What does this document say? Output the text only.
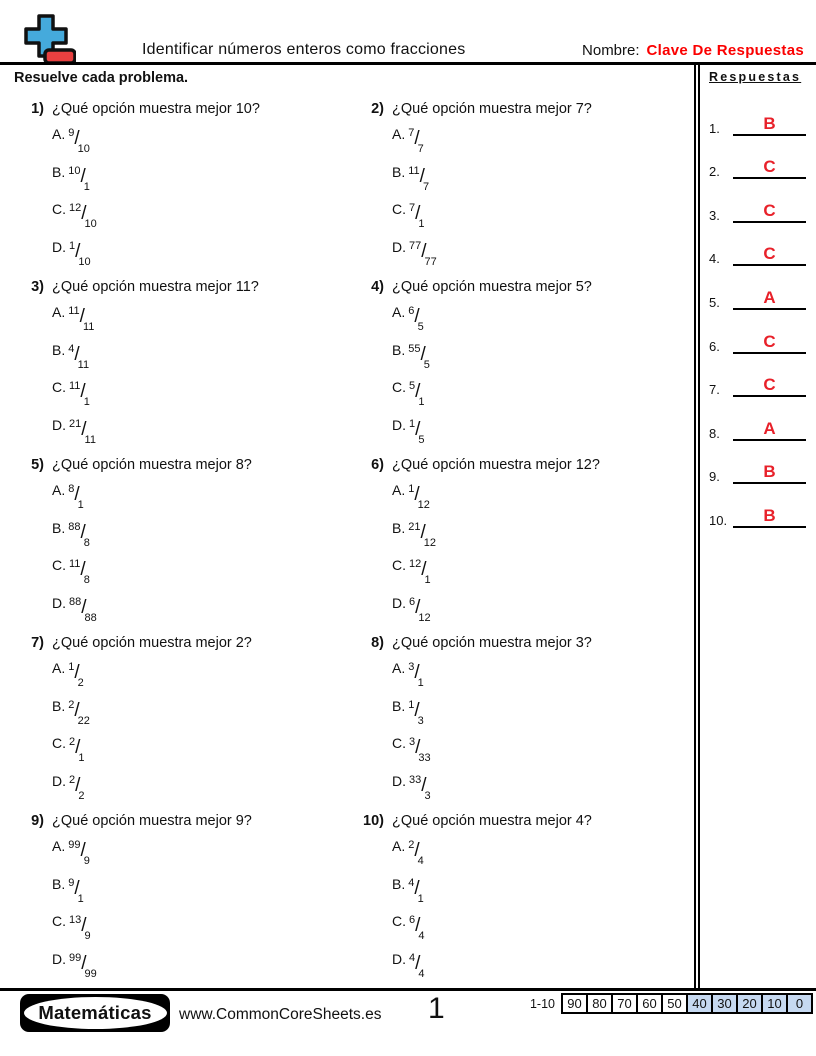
Identificar números enteros como fracciones	Nombre: Clave De Respuestas
Resuelve cada problema.
1) ¿Qué opción muestra mejor 10?
A. 9 /
10
B. 10 /
1
C. 12 /
10
D. 1 /
10
2) ¿Qué opción muestra mejor 7?
A. 7 /
7
B. 11 /
7
C. 7 /
1
D. 77 /
77
3) ¿Qué opción muestra mejor 11?
A. 11 /
11
B. 4 /
11
C. 11 /
1
D. 21 /
11
4) ¿Qué opción muestra mejor 5?
A. 6 /
5
B. 55 /
5
C. 5 /
1
D. 1 /
5
5) ¿Qué opción muestra mejor 8?
A. 8 /
1
B. 88 /
8
C. 11 /
8
D. 88 /
88
6) ¿Qué opción muestra mejor 12?
A. 1 /
12
B. 21 /
12
C. 12 /
1
D. 6 /
12
7) ¿Qué opción muestra mejor 2?
A. 1 /
2
B. 2 /
22
C. 2 /
1
D. 2 /
2
8) ¿Qué opción muestra mejor 3?
A. 3 /
1
B. 1 /
3
C. 3 /
33
D. 33 /
3
9) ¿Qué opción muestra mejor 9?
A. 99 /
9
B. 9 /
1
C. 13 /
9
D. 99 /
99
10) ¿Qué opción muestra mejor 4?
A. 2 /
4
B. 4 /
1
C. 6 /
4
D. 4 /
4
Respuestas
1.	B
2.	C
3.	C
4.	C
5.	A
6.	C
7.	C
8.	A
9.	B
10.	B
Matemáticas www.CommonCoreSheets.es 1	1-10 90 80 70 60 50 40 30 20 10	0
